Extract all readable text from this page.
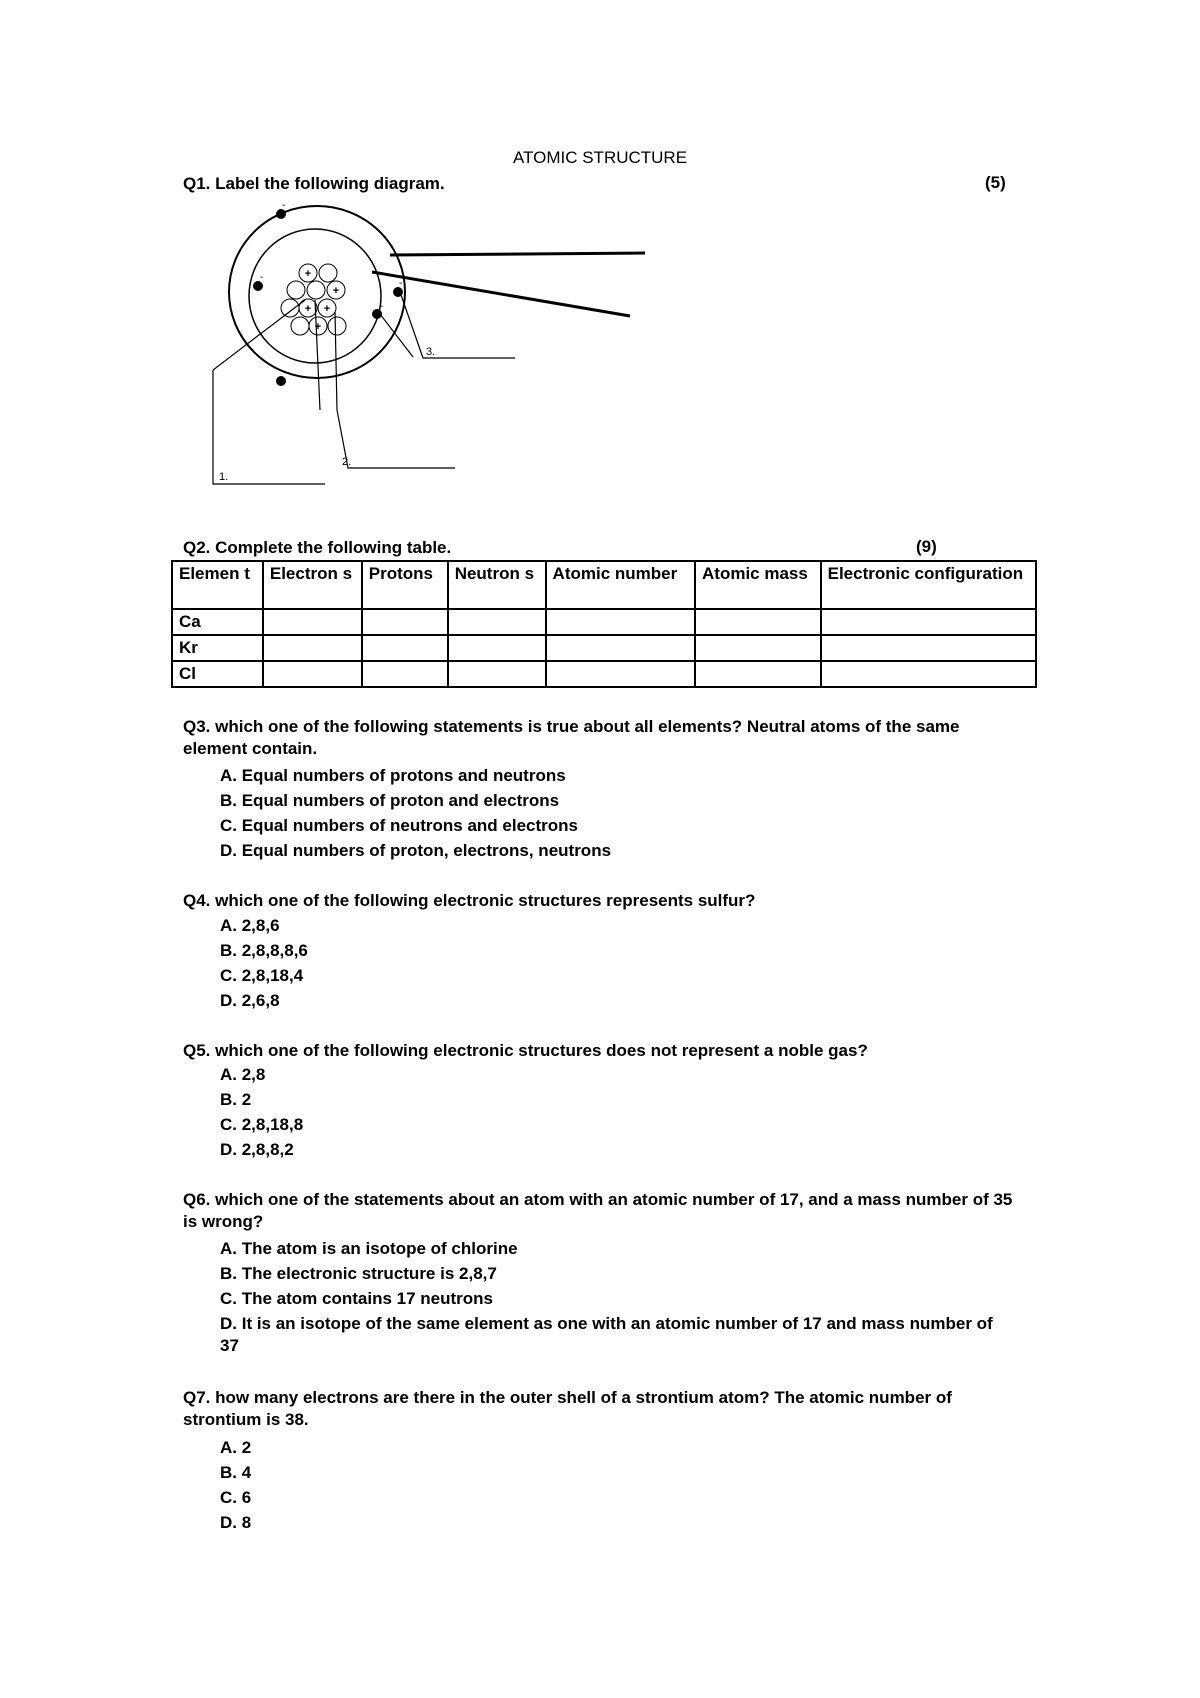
ATOMIC STRUCTURE
Q1. Label the following diagram.	(5)
+
+
+ +
+
-
-
-
-
-
1.
2.
3.
Q2. Complete the following table.	(9)
Elemen t	Electron s	Protons	Neutron s	Atomic number	Atomic mass	Electronic configuration
Ca						
Kr						
Cl						
Q3. which one of the following statements is true about all elements? Neutral atoms of the same element contain.
A. Equal numbers of protons and neutrons
B. Equal numbers of proton and electrons
C. Equal numbers of neutrons and electrons
D. Equal numbers of proton, electrons, neutrons
Q4. which one of the following electronic structures represents sulfur?
A. 2,8,6
B. 2,8,8,8,6
C. 2,8,18,4
D. 2,6,8
Q5. which one of the following electronic structures does not represent a noble gas?
A. 2,8
B. 2
C. 2,8,18,8
D. 2,8,8,2
Q6. which one of the statements about an atom with an atomic number of 17, and a mass number of 35 is wrong?
A. The atom is an isotope of chlorine
B. The electronic structure is 2,8,7
C. The atom contains 17 neutrons
D. It is an isotope of the same element as one with an atomic number of 17 and mass number of 37
Q7. how many electrons are there in the outer shell of a strontium atom? The atomic number of strontium is 38.
A. 2
B. 4
C. 6
D. 8
